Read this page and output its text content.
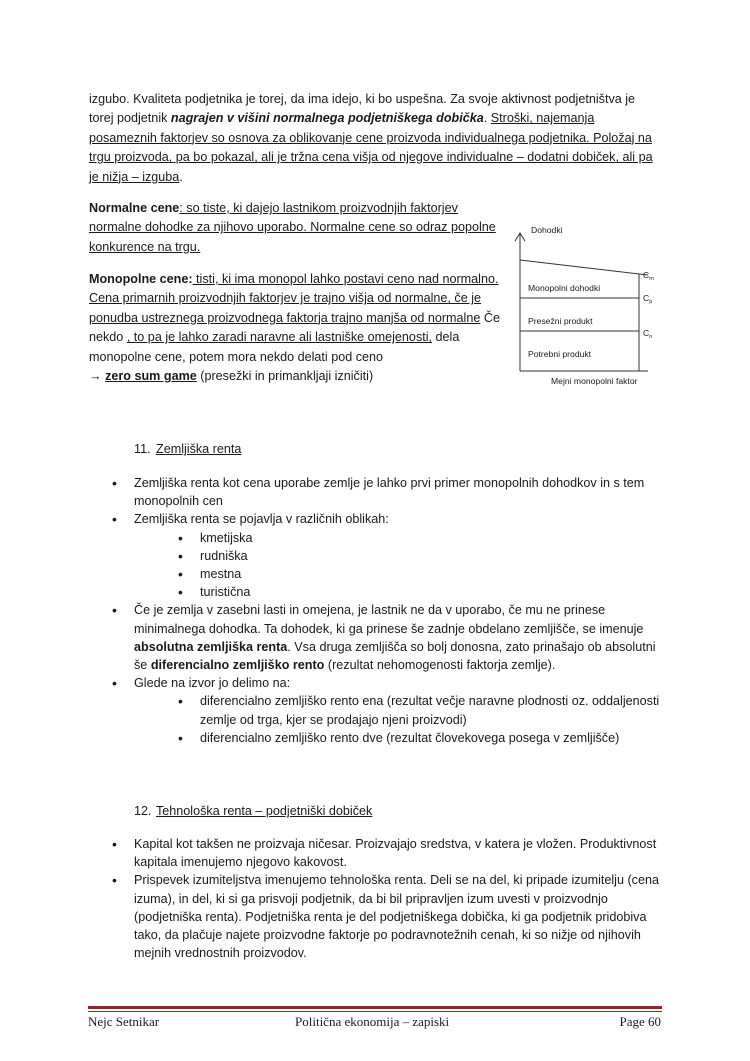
izgubo. Kvaliteta podjetnika je torej, da ima idejo, ki bo uspešna. Za svoje aktivnost podjetništva je torej podjetnik nagrajen v višini normalnega podjetniškega dobička. Stroški, najemanja posameznih faktorjev so osnova za oblikovanje cene proizvoda individualnega podjetnika. Položaj na trgu proizvoda, pa bo pokazal, ali je tržna cena višja od njegove individualne – dodatni dobiček, ali pa je nižja – izguba.
Normalne cene: so tiste, ki dajejo lastnikom proizvodnjih faktorjev normalne dohodke za njihovo uporabo. Normalne cene so odraz popolne konkurence na trgu.
Monopolne cene: tisti, ki ima monopol lahko postavi ceno nad normalno. Cena primarnih proizvodnjih faktorjev je trajno višja od normalne, če je ponudba ustreznega proizvodnega faktorja trajno manjša od normalne Če nekdo , to pa je lahko zaradi naravne ali lastniške omejenosti, dela monopolne cene, potem mora nekdo delati pod ceno
→ zero sum game (presežki in primankljaji izničiti)
Dohodki
Monopolni dohodki
Presežni produkt
Potrebni produkt
Mejni monopolni faktor
$C_m$
$C_p$
$C_n$
11. Zemljiška renta
• Zemljiška renta kot cena uporabe zemlje je lahko prvi primer monopolnih dohodkov in s tem monopolnih cen
• Zemljiška renta se pojavlja v različnih oblikah:
• kmetijska
• rudniška
• mestna
• turistična
• Če je zemlja v zasebni lasti in omejena, je lastnik ne da v uporabo, če mu ne prinese minimalnega dohodka. Ta dohodek, ki ga prinese še zadnje obdelano zemljišče, se imenuje absolutna zemljiška renta. Vsa druga zemljišča so bolj donosna, zato prinašajo ob absolutni še diferencialno zemljiško rento (rezultat nehomogenosti faktorja zemlje).
• Glede na izvor jo delimo na:
• diferencialno zemljiško rento ena (rezultat večje naravne plodnosti oz. oddaljenosti zemlje od trga, kjer se prodajajo njeni proizvodi)
• diferencialno zemljiško rento dve (rezultat človekovega posega v zemljišče)
12. Tehnološka renta – podjetniški dobiček
• Kapital kot takšen ne proizvaja ničesar. Proizvajajo sredstva, v katera je vložen. Produktivnost kapitala imenujemo njegovo kakovost.
• Prispevek izumiteljstva imenujemo tehnološka renta. Deli se na del, ki pripade izumitelju (cena izuma), in del, ki si ga prisvoji podjetnik, da bi bil pripravljen izum uvesti v proizvodnjo (podjetniška renta). Podjetniška renta je del podjetniškega dobička, ki ga podjetnik pridobiva tako, da plačuje najete proizvodne faktorje po podravnotežnih cenah, ki so nižje od njihovih mejnih vrednostnih proizvodov.
Nejc Setnikar	Politična ekonomija – zapiski	Page 60
